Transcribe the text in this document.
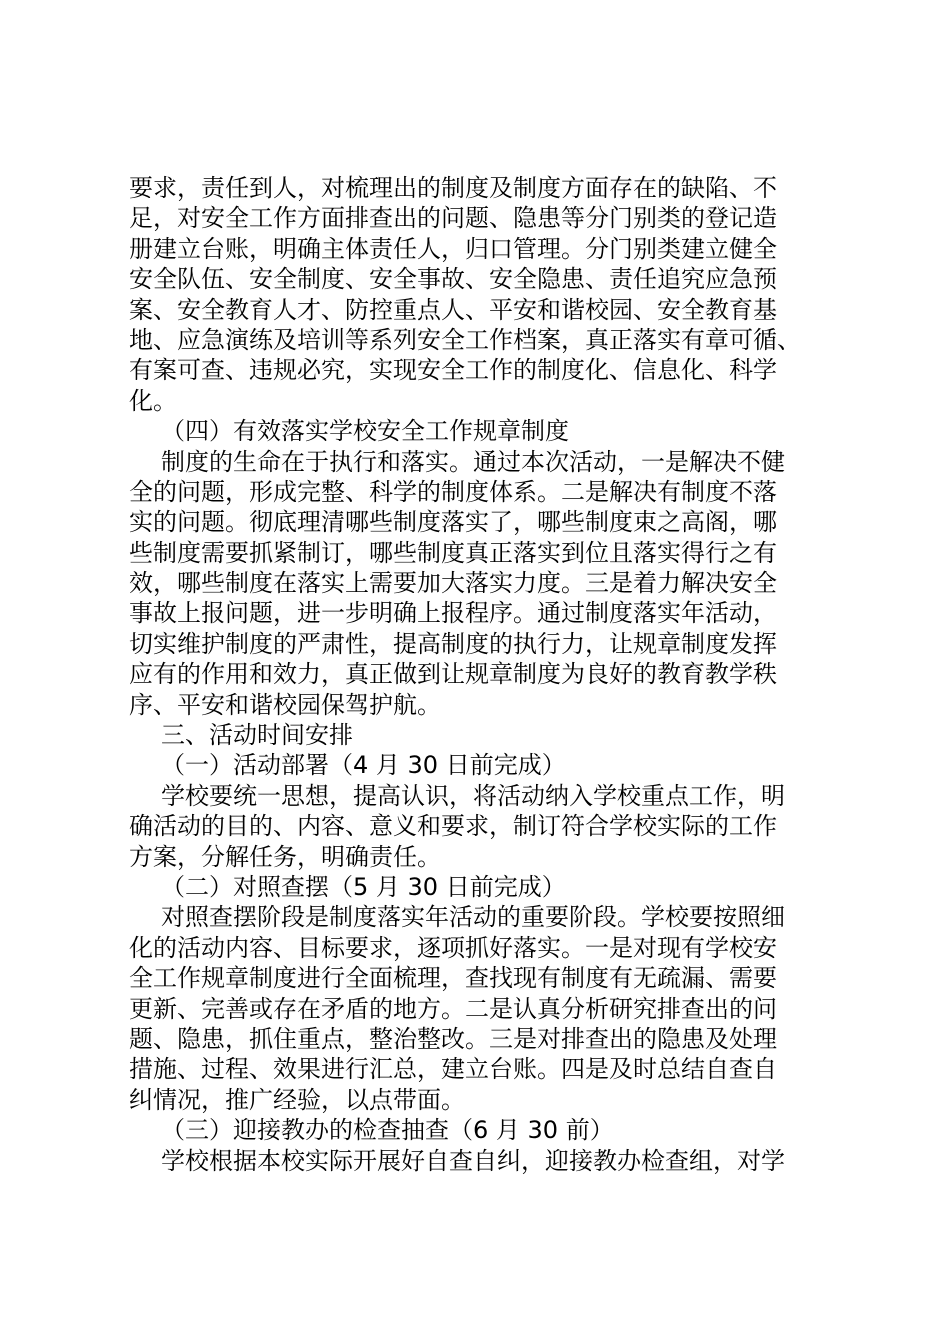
要求，责任到人，对梳理出的制度及制度方面存在的缺陷、不
足，对安全工作方面排查出的问题、隐患等分门别类的登记造
册建立台账，明确主体责任人，归口管理。分门别类建立健全
安全队伍、安全制度、安全事故、安全隐患、责任追究应急预
案、安全教育人才、防控重点人、平安和谐校园、安全教育基
地、应急演练及培训等系列安全工作档案，真正落实有章可循、
有案可查、违规必究，实现安全工作的制度化、信息化、科学
化。
（四）有效落实学校安全工作规章制度
制度的生命在于执行和落实。通过本次活动，一是解决不健
全的问题，形成完整、科学的制度体系。二是解决有制度不落
实的问题。彻底理清哪些制度落实了，哪些制度束之高阁，哪
些制度需要抓紧制订，哪些制度真正落实到位且落实得行之有
效，哪些制度在落实上需要加大落实力度。三是着力解决安全
事故上报问题，进一步明确上报程序。通过制度落实年活动，
切实维护制度的严肃性，提高制度的执行力，让规章制度发挥
应有的作用和效力，真正做到让规章制度为良好的教育教学秩
序、平安和谐校园保驾护航。
三、活动时间安排
（一）活动部署（4 月 30 日前完成）
学校要统一思想，提高认识，将活动纳入学校重点工作，明
确活动的目的、内容、意义和要求，制订符合学校实际的工作
方案，分解任务，明确责任。
（二）对照查摆（5 月 30 日前完成）
对照查摆阶段是制度落实年活动的重要阶段。学校要按照细
化的活动内容、目标要求，逐项抓好落实。一是对现有学校安
全工作规章制度进行全面梳理，查找现有制度有无疏漏、需要
更新、完善或存在矛盾的地方。二是认真分析研究排查出的问
题、隐患，抓住重点，整治整改。三是对排查出的隐患及处理
措施、过程、效果进行汇总，建立台账。四是及时总结自查自
纠情况，推广经验，以点带面。
（三）迎接教办的检查抽查（6 月 30 前）
学校根据本校实际开展好自查自纠，迎接教办检查组，对学
